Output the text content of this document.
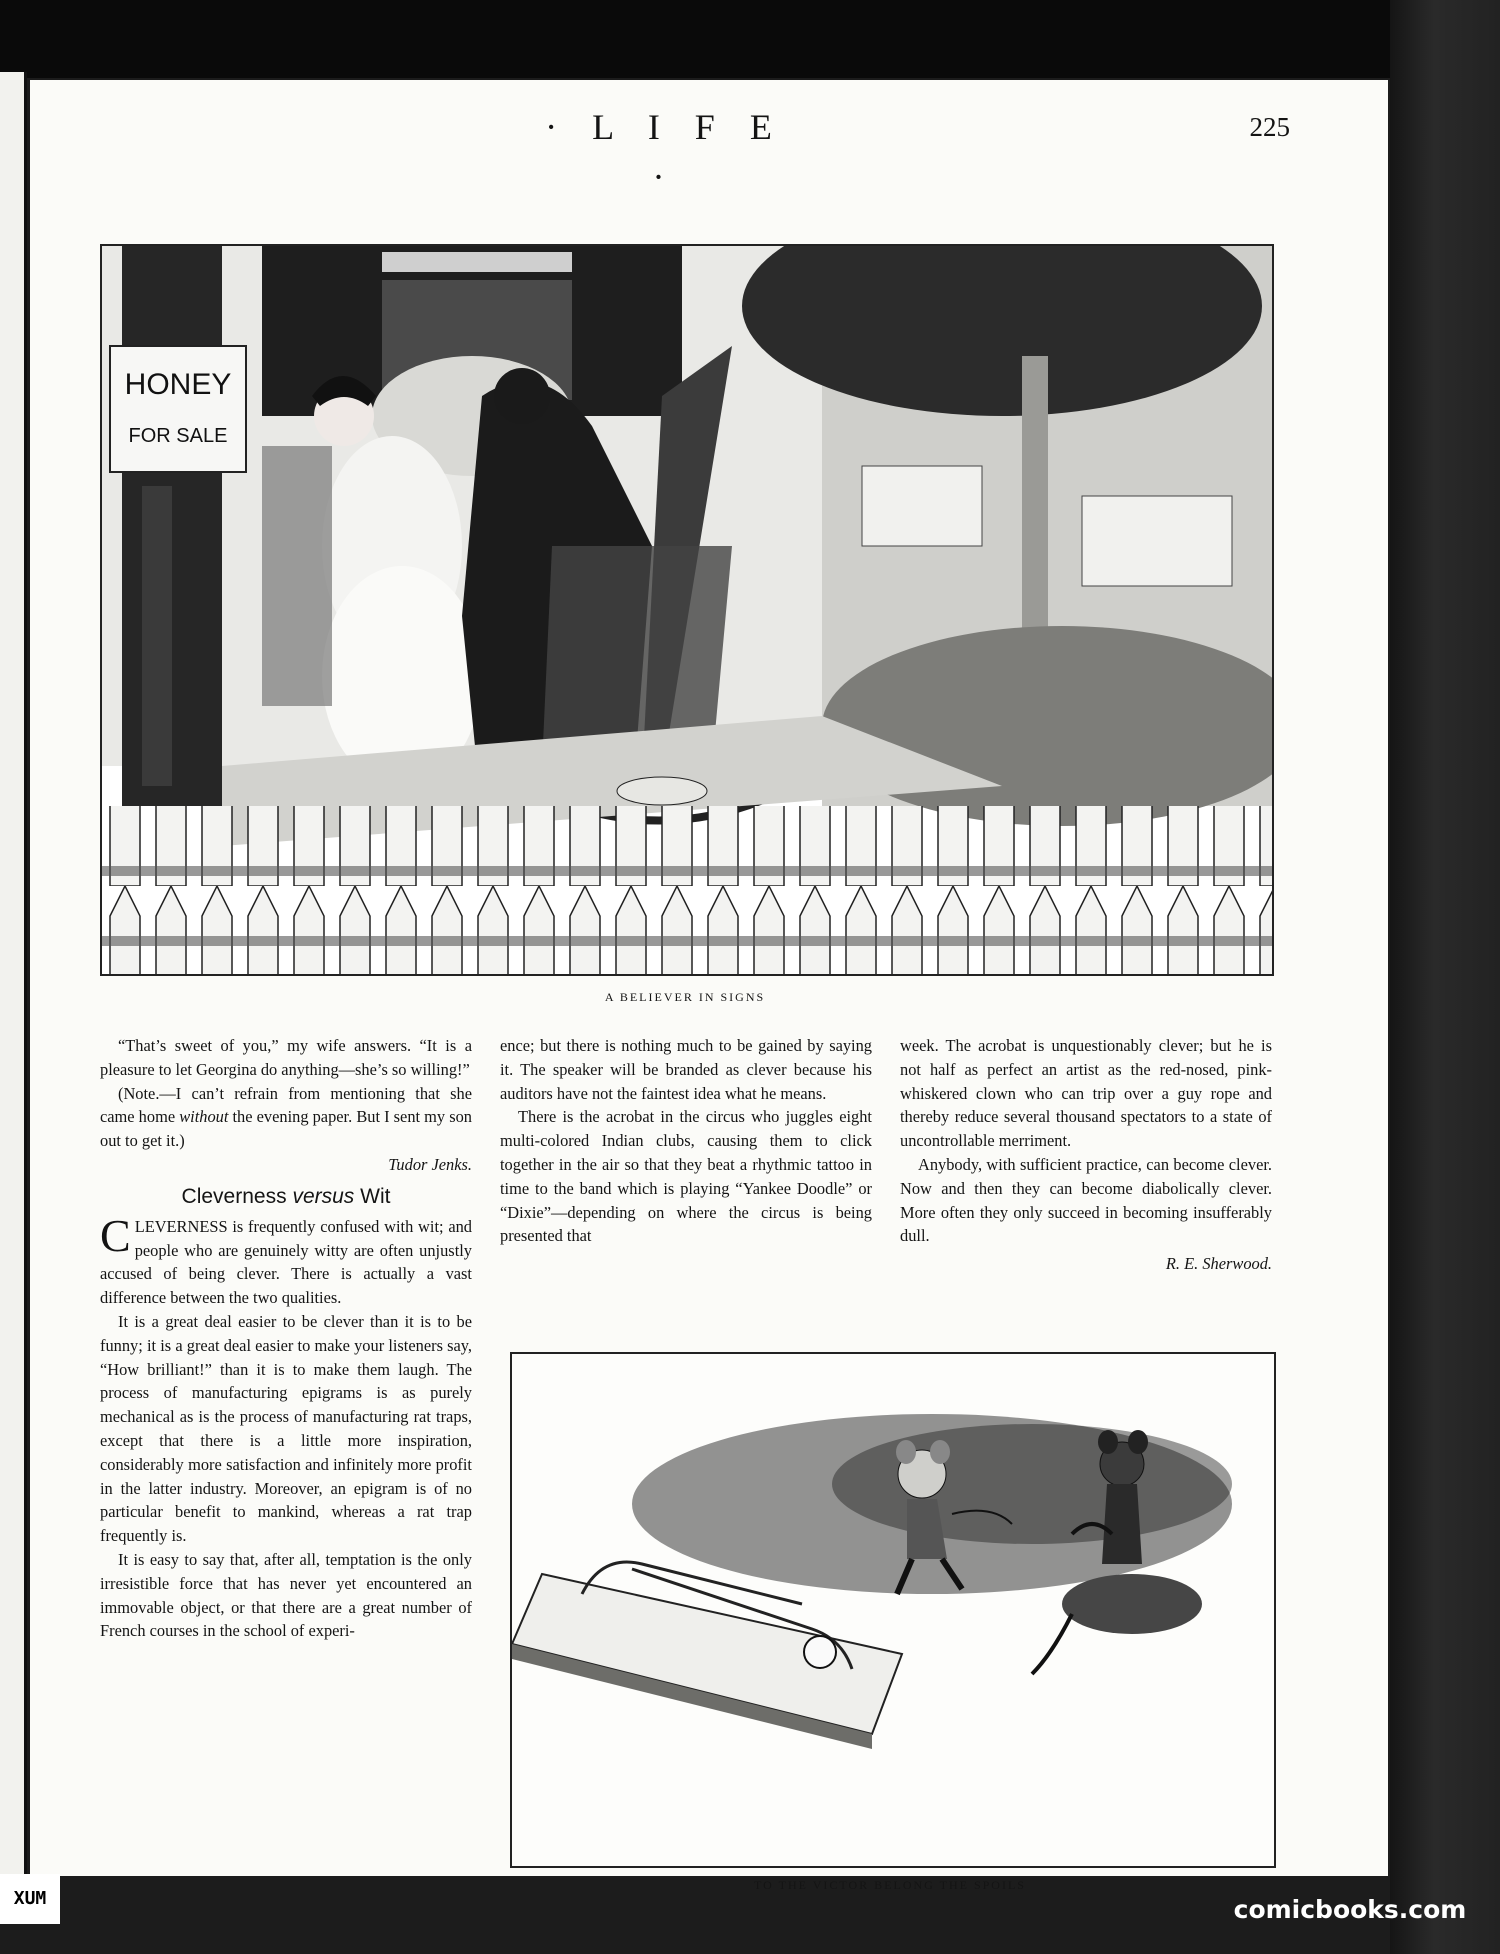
· L I F E ·
225
HONEY
FOR SALE
A BELIEVER IN SIGNS

“That’s sweet of you,” my wife answers. “It is a pleasure to let Georgina do anything—she’s so willing!”

(Note.—I can’t refrain from mentioning that she came home without the evening paper. But I sent my son out to get it.)

Tudor Jenks.

Cleverness versus Wit

CLEVERNESS is frequently confused with wit; and people who are genuinely witty are often unjustly accused of being clever. There is actually a vast difference between the two qualities.

It is a great deal easier to be clever than it is to be funny; it is a great deal easier to make your listeners say, “How brilliant!” than it is to make them laugh. The process of manufacturing epigrams is as purely mechanical as is the process of manufacturing rat traps, except that there is a little more inspiration, considerably more satisfaction and infinitely more profit in the latter industry. Moreover, an epigram is of no particular benefit to mankind, whereas a rat trap frequently is.

It is easy to say that, after all, temptation is the only irresistible force that has never yet encountered an immovable object, or that there are a great number of French courses in the school of experi-

ence; but there is nothing much to be gained by saying it. The speaker will be branded as clever because his auditors have not the faintest idea what he means.

There is the acrobat in the circus who juggles eight multi-colored Indian clubs, causing them to click together in the air so that they beat a rhythmic tattoo in time to the band which is playing “Yankee Doodle” or “Dixie”—depending on where the circus is being presented that

week. The acrobat is unquestionably clever; but he is not half as perfect an artist as the red-nosed, pink-whiskered clown who can trip over a guy rope and thereby reduce several thousand spectators to a state of uncontrollable merriment.

Anybody, with sufficient practice, can become clever. Now and then they can become diabolically clever. More often they only succeed in becoming insufferably dull.

R. E. Sherwood.

​
TO THE VICTOR BELONG THE SPOILS
XUM	comicbooks.com
